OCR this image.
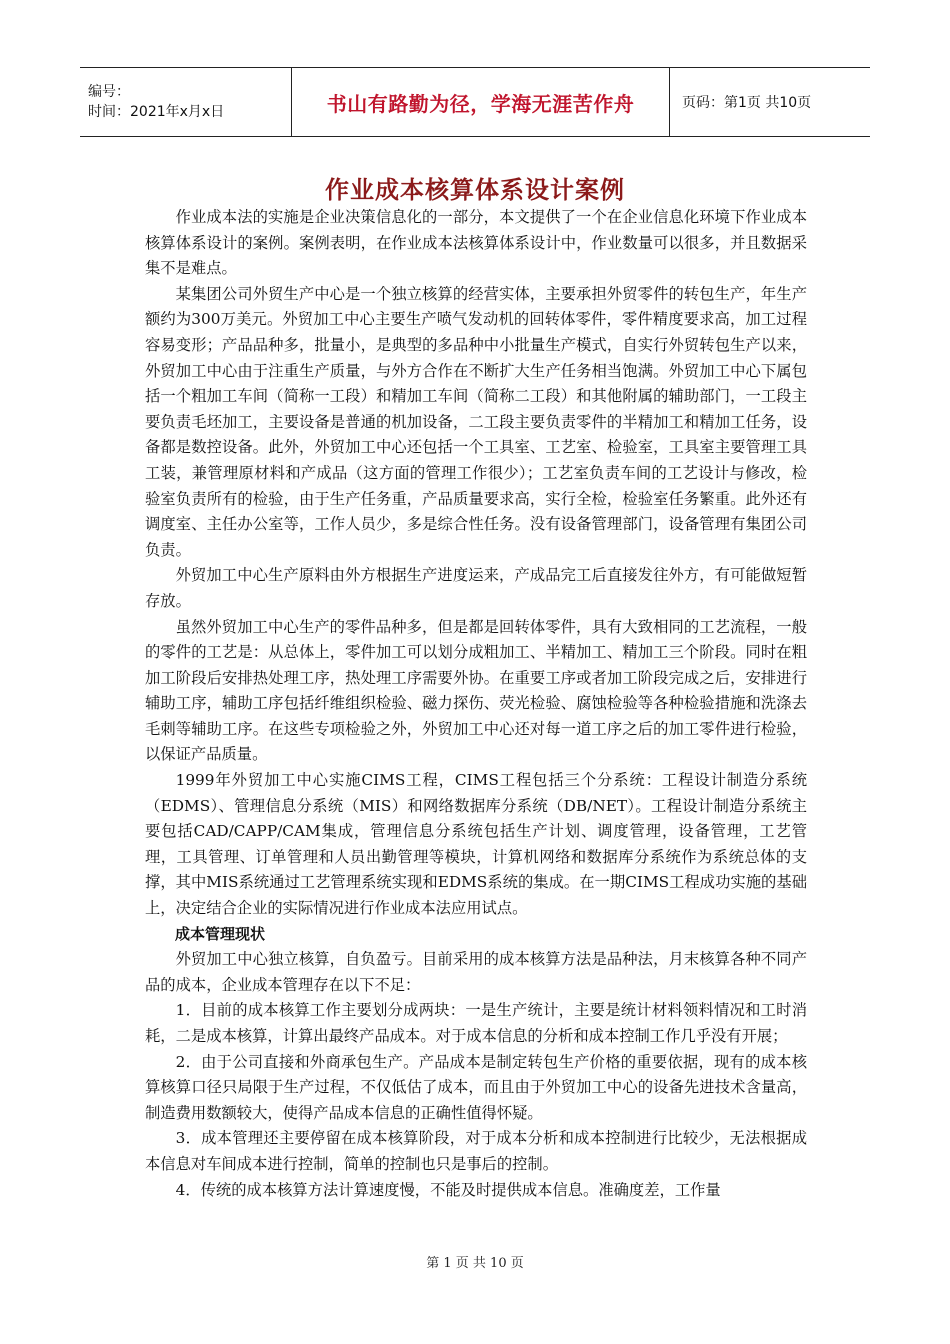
编号：
时间：2021年x月x日	书山有路勤为径，学海无涯苦作舟	页码：第1页 共10页
作业成本核算体系设计案例

作业成本法的实施是企业决策信息化的一部分，本文提供了一个在企业信息化环境下作业成本核算体系设计的案例。案例表明，在作业成本法核算体系设计中，作业数量可以很多，并且数据采集不是难点。

某集团公司外贸生产中心是一个独立核算的经营实体，主要承担外贸零件的转包生产，年生产额约为300万美元。外贸加工中心主要生产喷气发动机的回转体零件，零件精度要求高，加工过程容易变形；产品品种多，批量小，是典型的多品种中小批量生产模式，自实行外贸转包生产以来，外贸加工中心由于注重生产质量，与外方合作在不断扩大生产任务相当饱满。外贸加工中心下属包括一个粗加工车间（简称一工段）和精加工车间（简称二工段）和其他附属的辅助部门，一工段主要负责毛坯加工，主要设备是普通的机加设备，二工段主要负责零件的半精加工和精加工任务，设备都是数控设备。此外，外贸加工中心还包括一个工具室、工艺室、检验室，工具室主要管理工具工装，兼管理原材料和产成品（这方面的管理工作很少）；工艺室负责车间的工艺设计与修改，检验室负责所有的检验，由于生产任务重，产品质量要求高，实行全检，检验室任务繁重。此外还有调度室、主任办公室等，工作人员少，多是综合性任务。没有设备管理部门，设备管理有集团公司负责。

外贸加工中心生产原料由外方根据生产进度运来，产成品完工后直接发往外方，有可能做短暂存放。

虽然外贸加工中心生产的零件品种多，但是都是回转体零件，具有大致相同的工艺流程，一般的零件的工艺是：从总体上，零件加工可以划分成粗加工、半精加工、精加工三个阶段。同时在粗加工阶段后安排热处理工序，热处理工序需要外协。在重要工序或者加工阶段完成之后，安排进行辅助工序，辅助工序包括纤维组织检验、磁力探伤、荧光检验、腐蚀检验等各种检验措施和洗涤去毛刺等辅助工序。在这些专项检验之外，外贸加工中心还对每一道工序之后的加工零件进行检验，以保证产品质量。

1999年外贸加工中心实施CIMS工程，CIMS工程包括三个分系统：工程设计制造分系统（EDMS）、管理信息分系统（MIS）和网络数据库分系统（DB/NET）。工程设计制造分系统主要包括CAD/CAPP/CAM集成，管理信息分系统包括生产计划、调度管理，设备管理，工艺管理，工具管理、订单管理和人员出勤管理等模块，计算机网络和数据库分系统作为系统总体的支撑，其中MIS系统通过工艺管理系统实现和EDMS系统的集成。在一期CIMS工程成功实施的基础上，决定结合企业的实际情况进行作业成本法应用试点。

成本管理现状

外贸加工中心独立核算，自负盈亏。目前采用的成本核算方法是品种法，月末核算各种不同产品的成本，企业成本管理存在以下不足：

1．目前的成本核算工作主要划分成两块：一是生产统计，主要是统计材料领料情况和工时消耗，二是成本核算，计算出最终产品成本。对于成本信息的分析和成本控制工作几乎没有开展；

2．由于公司直接和外商承包生产。产品成本是制定转包生产价格的重要依据，现有的成本核算核算口径只局限于生产过程，不仅低估了成本，而且由于外贸加工中心的设备先进技术含量高，制造费用数额较大，使得产品成本信息的正确性值得怀疑。

3．成本管理还主要停留在成本核算阶段，对于成本分析和成本控制进行比较少，无法根据成本信息对车间成本进行控制，简单的控制也只是事后的控制。

4．传统的成本核算方法计算速度慢，不能及时提供成本信息。准确度差，工作量

第 1 页 共 10 页
